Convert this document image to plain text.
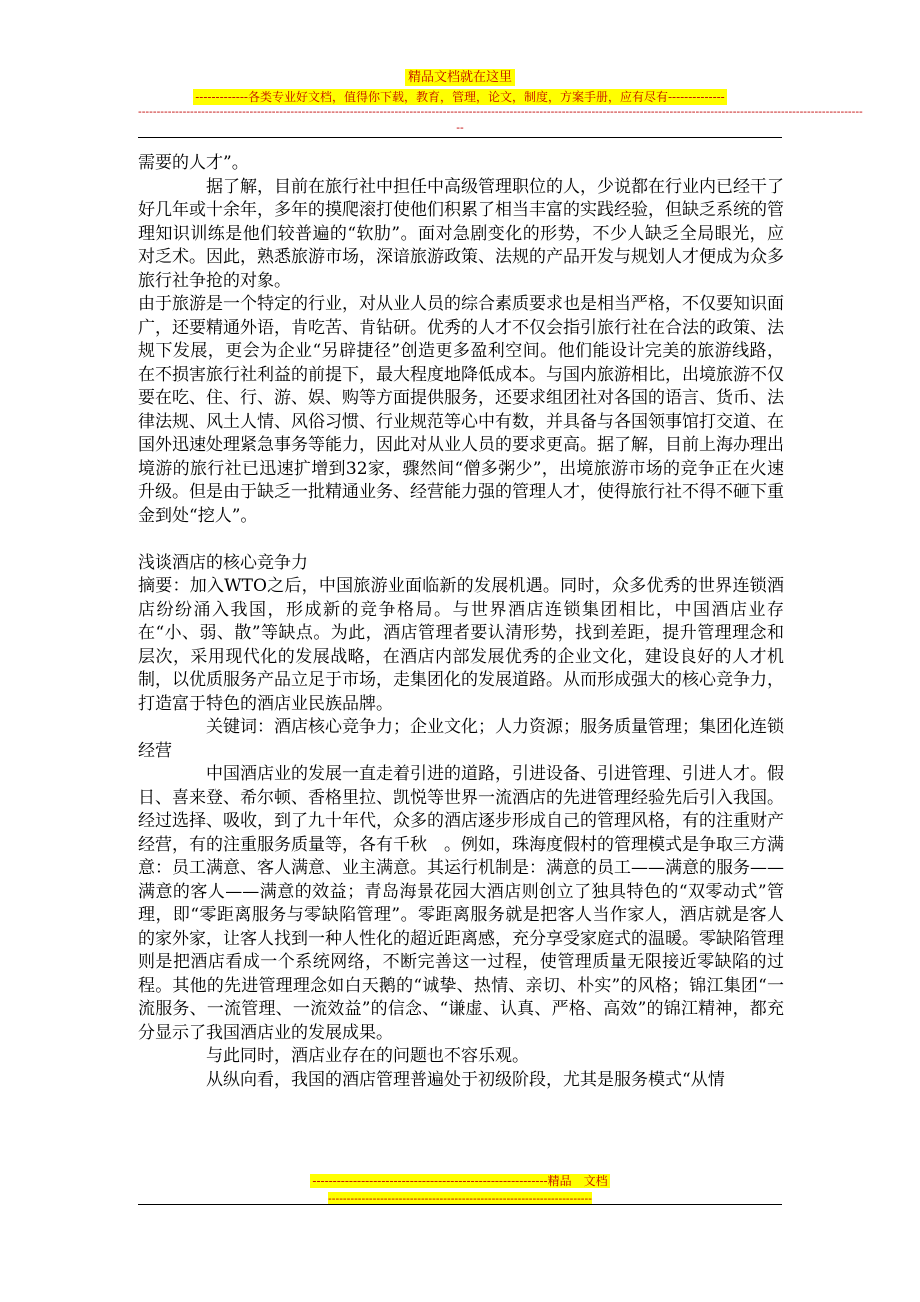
精品文档就在这里
-------------各类专业好文档，值得你下载，教育，管理，论文，制度，方案手册，应有尽有--------------
---------------------------------------------------------------------------------------------------------------------------------------------------------------------------------------------------
--

需要的人才”。

据了解，目前在旅行社中担任中高级管理职位的人，少说都在行业内已经干了好几年或十余年，多年的摸爬滚打使他们积累了相当丰富的实践经验，但缺乏系统的管理知识训练是他们较普遍的“软肋”。面对急剧变化的形势，不少人缺乏全局眼光，应对乏术。因此，熟悉旅游市场，深谙旅游政策、法规的产品开发与规划人才便成为众多旅行社争抢的对象。

由于旅游是一个特定的行业，对从业人员的综合素质要求也是相当严格，不仅要知识面广，还要精通外语，肯吃苦、肯钻研。优秀的人才不仅会指引旅行社在合法的政策、法规下发展，更会为企业“另辟捷径”创造更多盈利空间。他们能设计完美的旅游线路，在不损害旅行社利益的前提下，最大程度地降低成本。与国内旅游相比，出境旅游不仅要在吃、住、行、游、娱、购等方面提供服务，还要求组团社对各国的语言、货币、法律法规、风土人情、风俗习惯、行业规范等心中有数，并具备与各国领事馆打交道、在国外迅速处理紧急事务等能力，因此对从业人员的要求更高。据了解，目前上海办理出境游的旅行社已迅速扩增到32家，骤然间“僧多粥少”，出境旅游市场的竞争正在火速升级。但是由于缺乏一批精通业务、经营能力强的管理人才，使得旅行社不得不砸下重金到处“挖人”。

浅谈酒店的核心竞争力

摘要：加入WTO之后，中国旅游业面临新的发展机遇。同时，众多优秀的世界连锁酒店纷纷涌入我国，形成新的竞争格局。与世界酒店连锁集团相比，中国酒店业存在“小、弱、散”等缺点。为此，酒店管理者要认清形势，找到差距，提升管理理念和层次，采用现代化的发展战略，在酒店内部发展优秀的企业文化，建设良好的人才机制，以优质服务产品立足于市场，走集团化的发展道路。从而形成强大的核心竞争力，打造富于特色的酒店业民族品牌。

关键词：酒店核心竞争力；企业文化；人力资源；服务质量管理；集团化连锁经营

中国酒店业的发展一直走着引进的道路，引进设备、引进管理、引进人才。假日、喜来登、希尔顿、香格里拉、凯悦等世界一流酒店的先进管理经验先后引入我国。经过选择、吸收，到了九十年代，众多的酒店逐步形成自己的管理风格，有的注重财产经营，有的注重服务质量等，各有千秋　。例如，珠海度假村的管理模式是争取三方满意：员工满意、客人满意、业主满意。其运行机制是：满意的员工——满意的服务——满意的客人——满意的效益；青岛海景花园大酒店则创立了独具特色的“双零动式”管理，即“零距离服务与零缺陷管理”。零距离服务就是把客人当作家人，酒店就是客人的家外家，让客人找到一种人性化的超近距离感，充分享受家庭式的温暖。零缺陷管理则是把酒店看成一个系统网络，不断完善这一过程，使管理质量无限接近零缺陷的过程。其他的先进管理理念如白天鹅的“诚挚、热情、亲切、朴实”的风格；锦江集团“一流服务、一流管理、一流效益”的信念、“谦虚、认真、严格、高效”的锦江精神，都充分显示了我国酒店业的发展成果。

与此同时，酒店业存在的问题也不容乐观。

从纵向看，我国的酒店管理普遍处于初级阶段，尤其是服务模式“从情

----------------------------------------------------------精品　文档
-----------------------------------------------------------------------
